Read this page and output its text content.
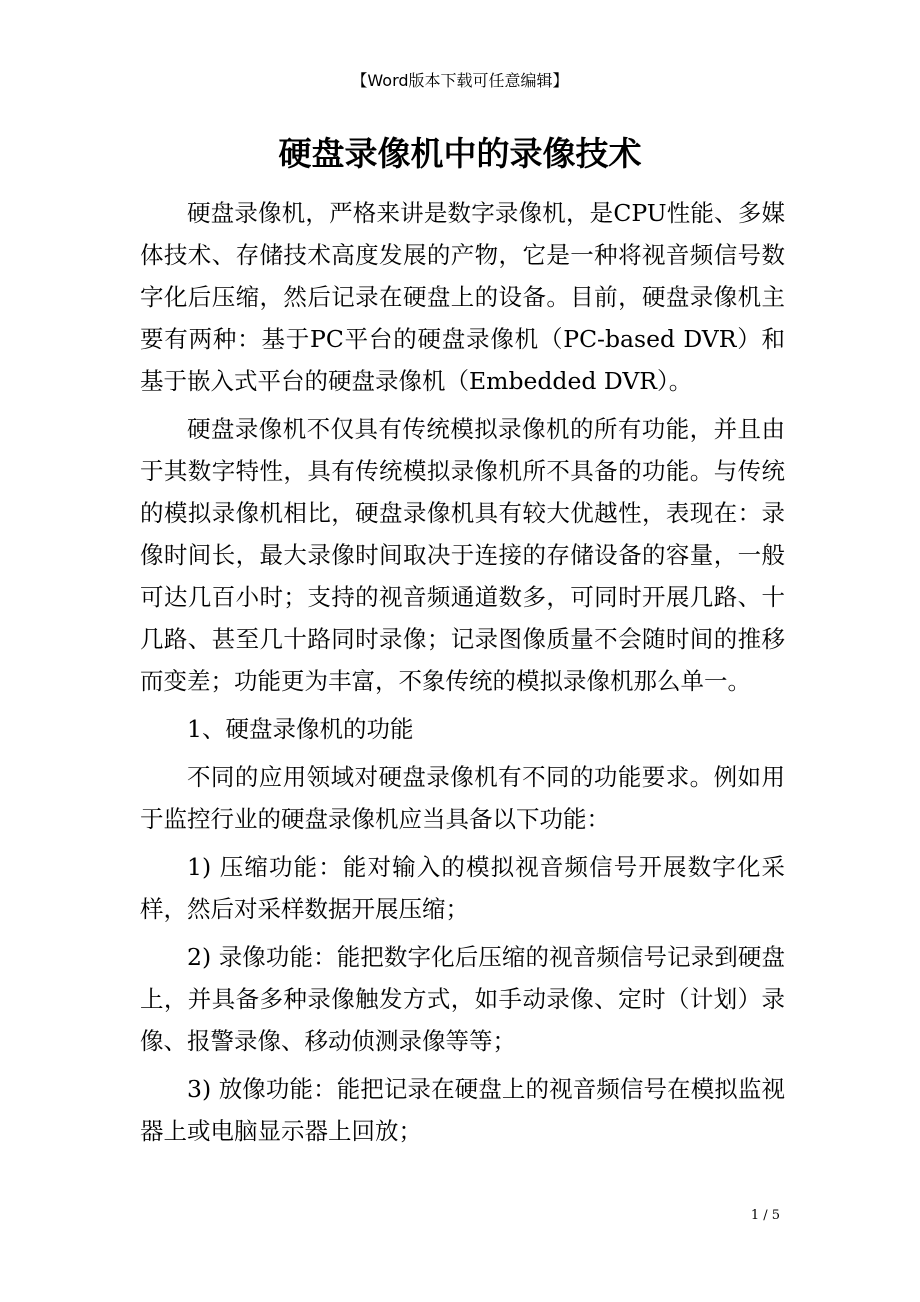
【Word版本下载可任意编辑】
硬盘录像机中的录像技术

硬盘录像机，严格来讲是数字录像机，是CPU性能、多媒体技术、存储技术高度发展的产物，它是一种将视音频信号数字化后压缩，然后记录在硬盘上的设备。目前，硬盘录像机主要有两种：基于PC平台的硬盘录像机（PC-based DVR）和基于嵌入式平台的硬盘录像机（Embedded DVR）。

硬盘录像机不仅具有传统模拟录像机的所有功能，并且由于其数字特性，具有传统模拟录像机所不具备的功能。与传统的模拟录像机相比，硬盘录像机具有较大优越性，表现在：录像时间长，最大录像时间取决于连接的存储设备的容量，一般可达几百小时；支持的视音频通道数多，可同时开展几路、十几路、甚至几十路同时录像；记录图像质量不会随时间的推移而变差；功能更为丰富，不象传统的模拟录像机那么单一。

1、硬盘录像机的功能

不同的应用领域对硬盘录像机有不同的功能要求。例如用于监控行业的硬盘录像机应当具备以下功能：

1) 压缩功能：能对输入的模拟视音频信号开展数字化采样，然后对采样数据开展压缩；

2) 录像功能：能把数字化后压缩的视音频信号记录到硬盘上，并具备多种录像触发方式，如手动录像、定时（计划）录像、报警录像、移动侦测录像等等；

3) 放像功能：能把记录在硬盘上的视音频信号在模拟监视器上或电脑显示器上回放；

1 / 5
